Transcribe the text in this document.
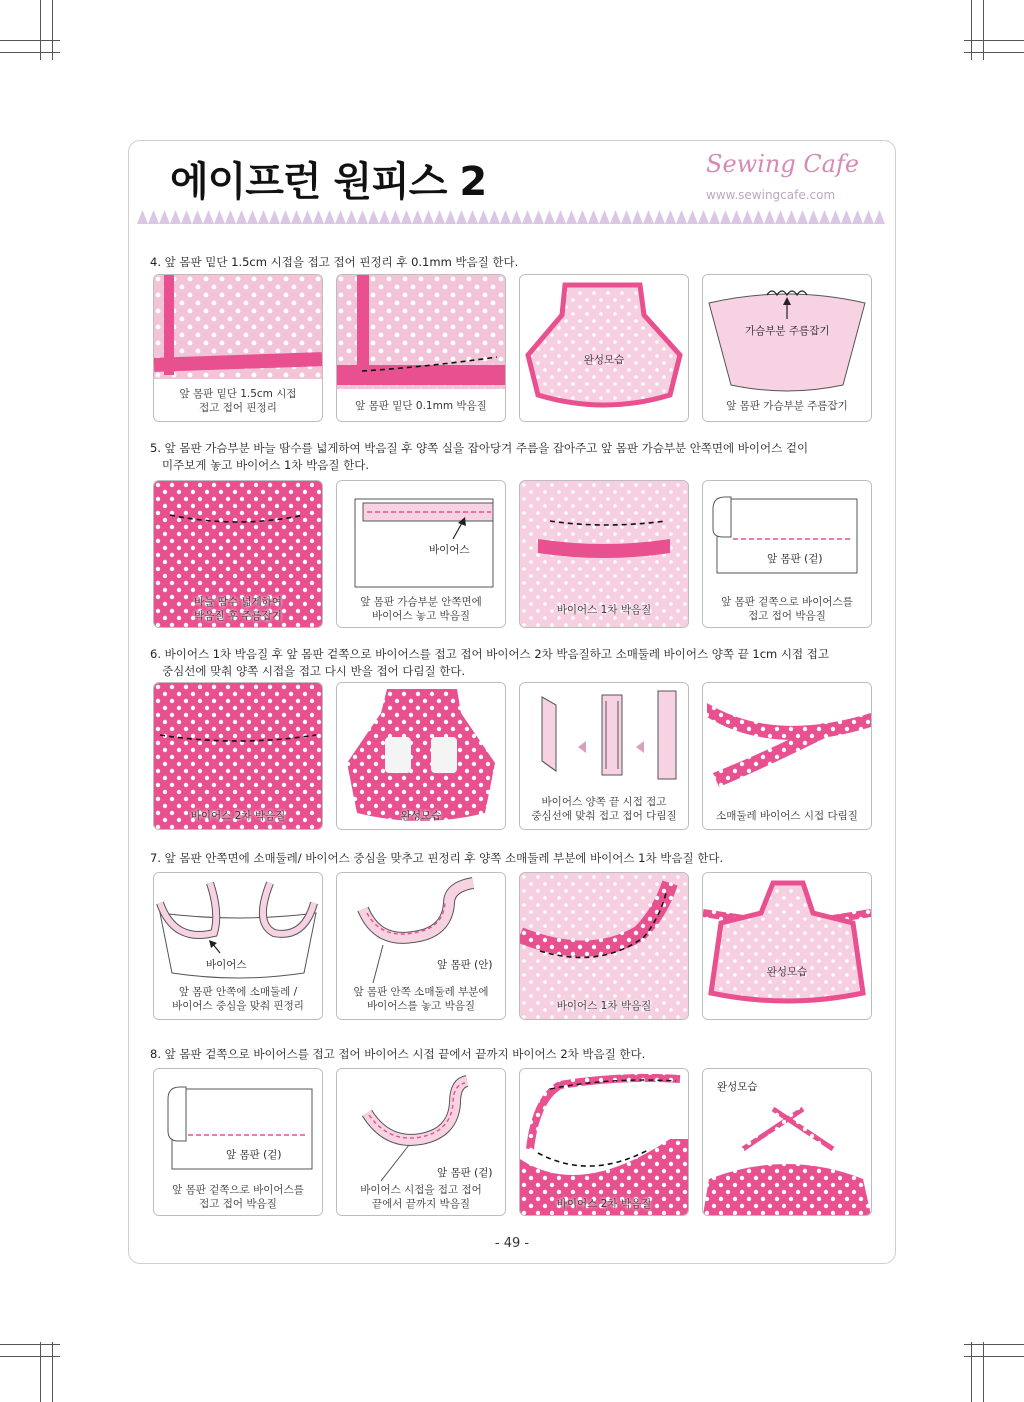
에이프런 원피스 2	Sewing Cafe
www.sewingcafe.com
4. 앞 몸판 밑단 1.5cm 시접을 접고 접어 핀정리 후 0.1mm 박음질 한다.
앞 몸판 밑단 1.5cm 시접
접고 접어 핀정리	앞 몸판 밑단 0.1mm 박음질
완성모습
가슴부분 주름잡기
앞 몸판 가슴부분 주름잡기
5. 앞 몸판 가슴부분 바늘 땀수를 넓게하여 박음질 후 양쪽 실을 잡아당겨 주름을 잡아주고 앞 몸판 가슴부분 안쪽면에 바이어스 겉이
미주보게 놓고 바이어스 1차 박음질 한다.
바늘 땀수 넓게하여
박음질 후 주름잡기
바이어스
앞 몸판 가슴부분 안쪽면에
바이어스 놓고 박음질	바이어스 1차 박음질
앞 몸판 (겉)
앞 몸판 겉쪽으로 바이어스를
접고 접어 박음질
6. 바이어스 1차 박음질 후 앞 몸판 겉쪽으로 바이어스를 접고 접어 바이어스 2차 박음질하고 소매둘레 바이어스 양쪽 끝 1cm 시접 접고
중심선에 맞춰 양쪽 시접을 접고 다시 반을 접어 다림질 한다.
바이어스 2차 박음질	완성모습
바이어스 양쪽 끝 시접 접고
중심선에 맞춰 접고 접어 다림질	소매둘레 바이어스 시접 다림질
7. 앞 몸판 안쪽면에 소매둘레/ 바이어스 중심을 맞추고 핀정리 후 양쪽 소매둘레 부분에 바이어스 1차 박음질 한다.
바이어스
앞 몸판 안쪽에 소매둘레 /
바이어스 중심을 맞춰 핀정리
앞 몸판 (안)
앞 몸판 안쪽 소매둘레 부분에
바이어스를 놓고 박음질	바이어스 1차 박음질
완성모습
8. 앞 몸판 겉쪽으로 바이어스를 접고 접어 바이어스 시접 끝에서 끝까지 바이어스 2차 박음질 한다.
앞 몸판 (겉)
앞 몸판 겉쪽으로 바이어스를
접고 접어 박음질
앞 몸판 (겉)
바이어스 시접을 접고 접어
끝에서 끝까지 박음질	바이어스 2차 박음질
완성모습
- 49 -
